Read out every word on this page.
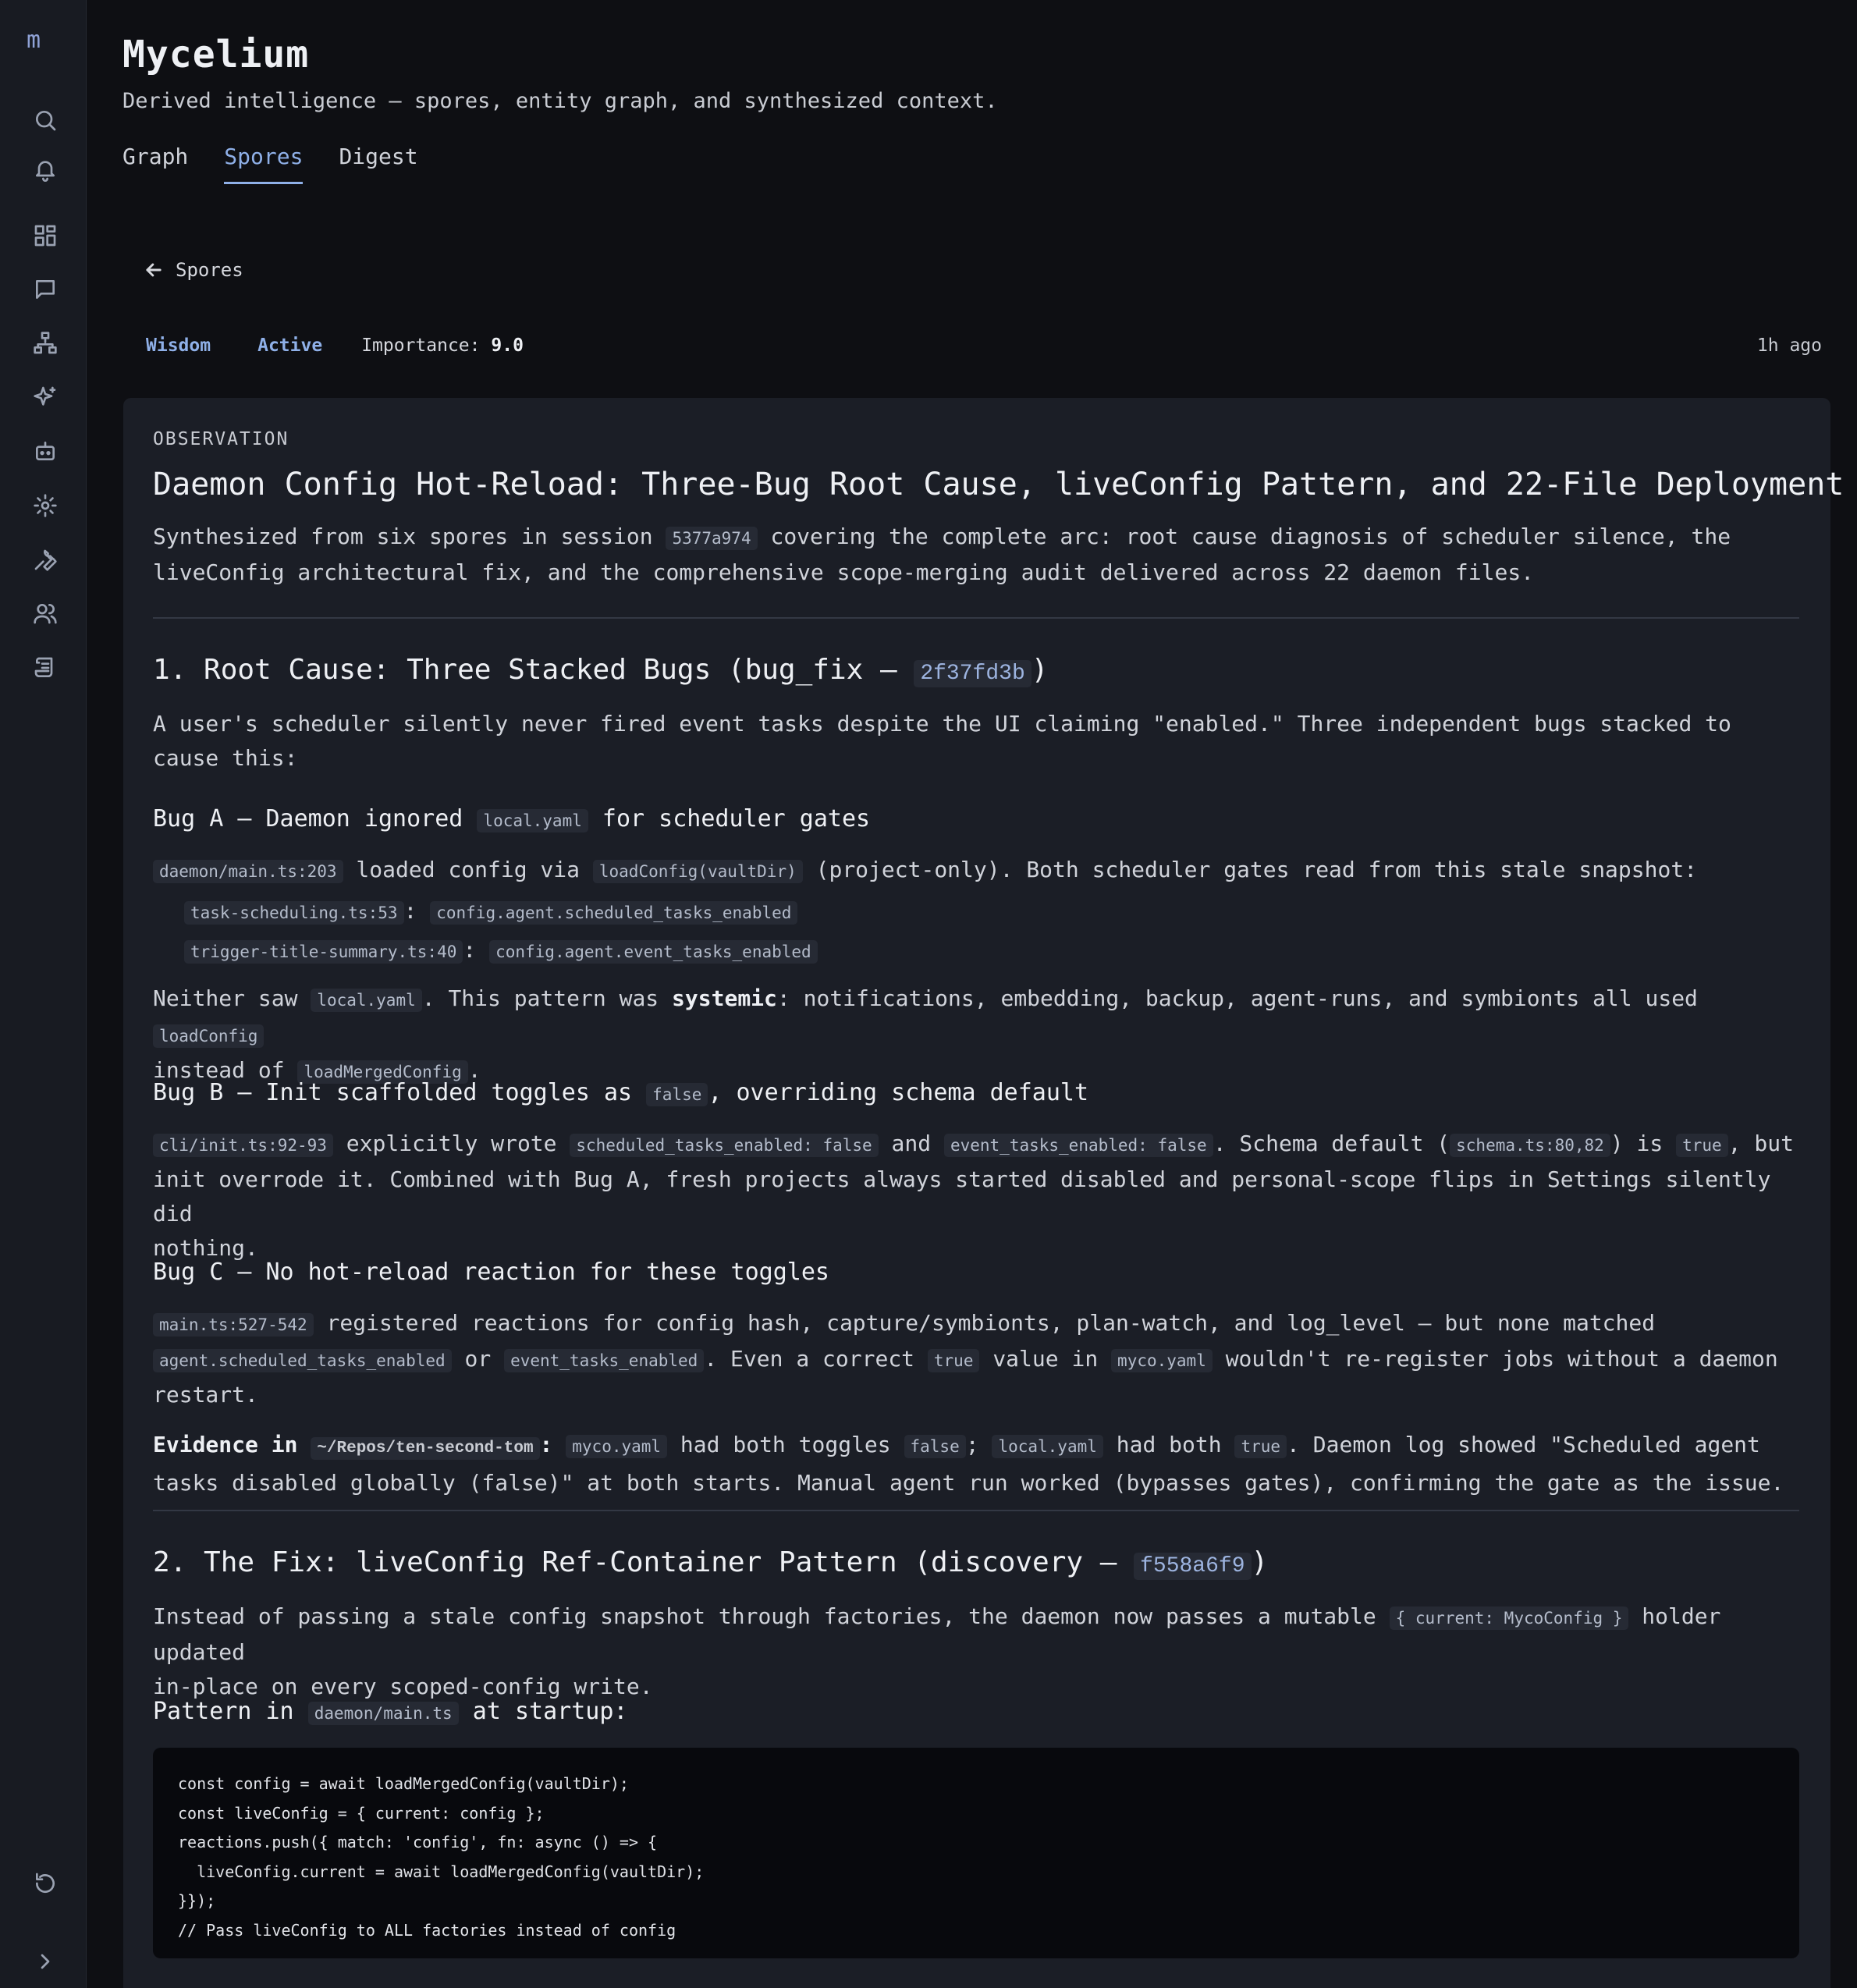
m Mycelium
Derived intelligence — spores, entity graph, and synthesized context.
Graph Spores Digest
Spores
Wisdom	Active	Importance: 9.0	1h ago
OBSERVATION
Daemon Config Hot-Reload: Three-Bug Root Cause, liveConfig Pattern, and 22-File Deployment
Synthesized from six spores in session 5377a974 covering the complete arc: root cause diagnosis of scheduler silence, the liveConfig architectural fix, and the comprehensive scope-merging audit delivered across 22 daemon files.
1. Root Cause: Three Stacked Bugs (bug_fix — 2f37fd3b )
A user's scheduler silently never fired event tasks despite the UI claiming "enabled." Three independent bugs stacked to cause this:
Bug A — Daemon ignored local.yaml for scheduler gates
daemon/main.ts:203 loaded config via loadConfig(vaultDir) (project-only). Both scheduler gates read from this stale snapshot:
task-scheduling.ts:53 : config.agent.scheduled_tasks_enabled
trigger-title-summary.ts:40 : config.agent.event_tasks_enabled
Neither saw local.yaml . This pattern was systemic: notifications, embedding, backup, agent-runs, and symbionts all used loadConfig
instead of loadMergedConfig .
Bug B — Init scaffolded toggles as false , overriding schema default
cli/init.ts:92-93 explicitly wrote scheduled_tasks_enabled: false and event_tasks_enabled: false . Schema default ( schema.ts:80,82 ) is true , but
init overrode it. Combined with Bug A, fresh projects always started disabled and personal-scope flips in Settings silently did
nothing.
Bug C — No hot-reload reaction for these toggles
main.ts:527-542 registered reactions for config hash, capture/symbionts, plan-watch, and log_level — but none matched
agent.scheduled_tasks_enabled or event_tasks_enabled . Even a correct true value in myco.yaml wouldn't re-register jobs without a daemon
restart.
Evidence in ~/Repos/ten-second-tom : myco.yaml had both toggles false ; local.yaml had both true . Daemon log showed "Scheduled agent
tasks disabled globally (false)" at both starts. Manual agent run worked (bypasses gates), confirming the gate as the issue.
2. The Fix: liveConfig Ref-Container Pattern (discovery — f558a6f9 )
Instead of passing a stale config snapshot through factories, the daemon now passes a mutable { current: MycoConfig } holder updated
in-place on every scoped-config write.
Pattern in daemon/main.ts at startup:
const config = await loadMergedConfig(vaultDir);
const liveConfig = { current: config };
reactions.push({ match: 'config', fn: async () => {
liveConfig.current = await loadMergedConfig(vaultDir);
}});
// Pass liveConfig to ALL factories instead of config
